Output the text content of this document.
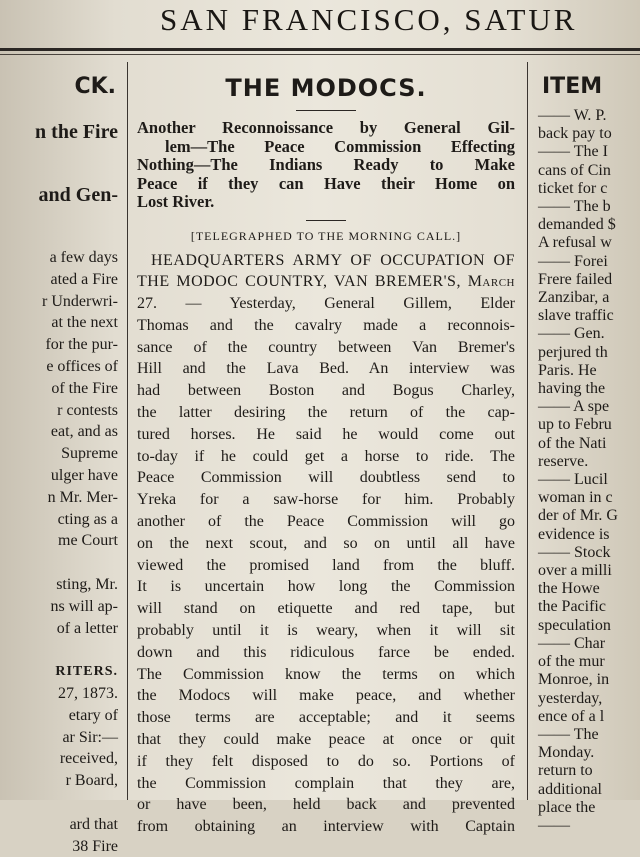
SAN FRANCISCO, SATUR
CK.
n the Fire
and Gen-
a few days
ated a Fire
r Underwri-
at the next
for the pur-
e offices of
of the Fire
r contests
eat, and as
Supreme
ulger have
n Mr. Mer-
cting as a
me Court
sting, Mr.
ns will ap-
of a letter
RITERS.
27, 1873.
etary of
ar Sir:—
received,
r Board,
ard that
38 Fire
THE MODOCS.
Another Reconnoissance by General Gil-
lem—The Peace Commission Effecting
Nothing—The Indians Ready to Make
Peace if they can Have their Home on
Lost River.
[TELEGRAPHED TO THE MORNING CALL.]
HEADQUARTERS ARMY OF OCCUPATION OF
THE MODOC COUNTRY, VAN BREMER'S, March
27. — Yesterday, General Gillem, Elder
Thomas and the cavalry made a reconnois-
sance of the country between Van Bremer's
Hill and the Lava Bed. An interview was
had between Boston and Bogus Charley,
the latter desiring the return of the cap-
tured horses. He said he would come out
to-day if he could get a horse to ride. The
Peace Commission will doubtless send to
Yreka for a saw-horse for him. Probably
another of the Peace Commission will go
on the next scout, and so on until all have
viewed the promised land from the bluff.
It is uncertain how long the Commission
will stand on etiquette and red tape, but
probably until it is weary, when it will sit
down and this ridiculous farce be ended.
The Commission know the terms on which
the Modocs will make peace, and whether
those terms are acceptable; and it seems
that they could make peace at once or quit
if they felt disposed to do so. Portions of
the Commission complain that they are,
or have been, held back and prevented
from obtaining an interview with Captain
ITEM
—— W. P.
back pay to
—— The I
cans of Cin
ticket for c
—— The b
demanded $
A refusal w
—— Forei
Frere failed
Zanzibar, a
slave traffic
—— Gen.
perjured th
Paris. He
having the
—— A spe
up to Febru
of the Nati
reserve.
—— Lucil
woman in c
der of Mr. G
evidence is
—— Stock
over a milli
the Howe
the Pacific
speculation
—— Char
of the mur
Monroe, in
yesterday,
ence of a l
—— The
Monday.
return to
additional
place the
——
